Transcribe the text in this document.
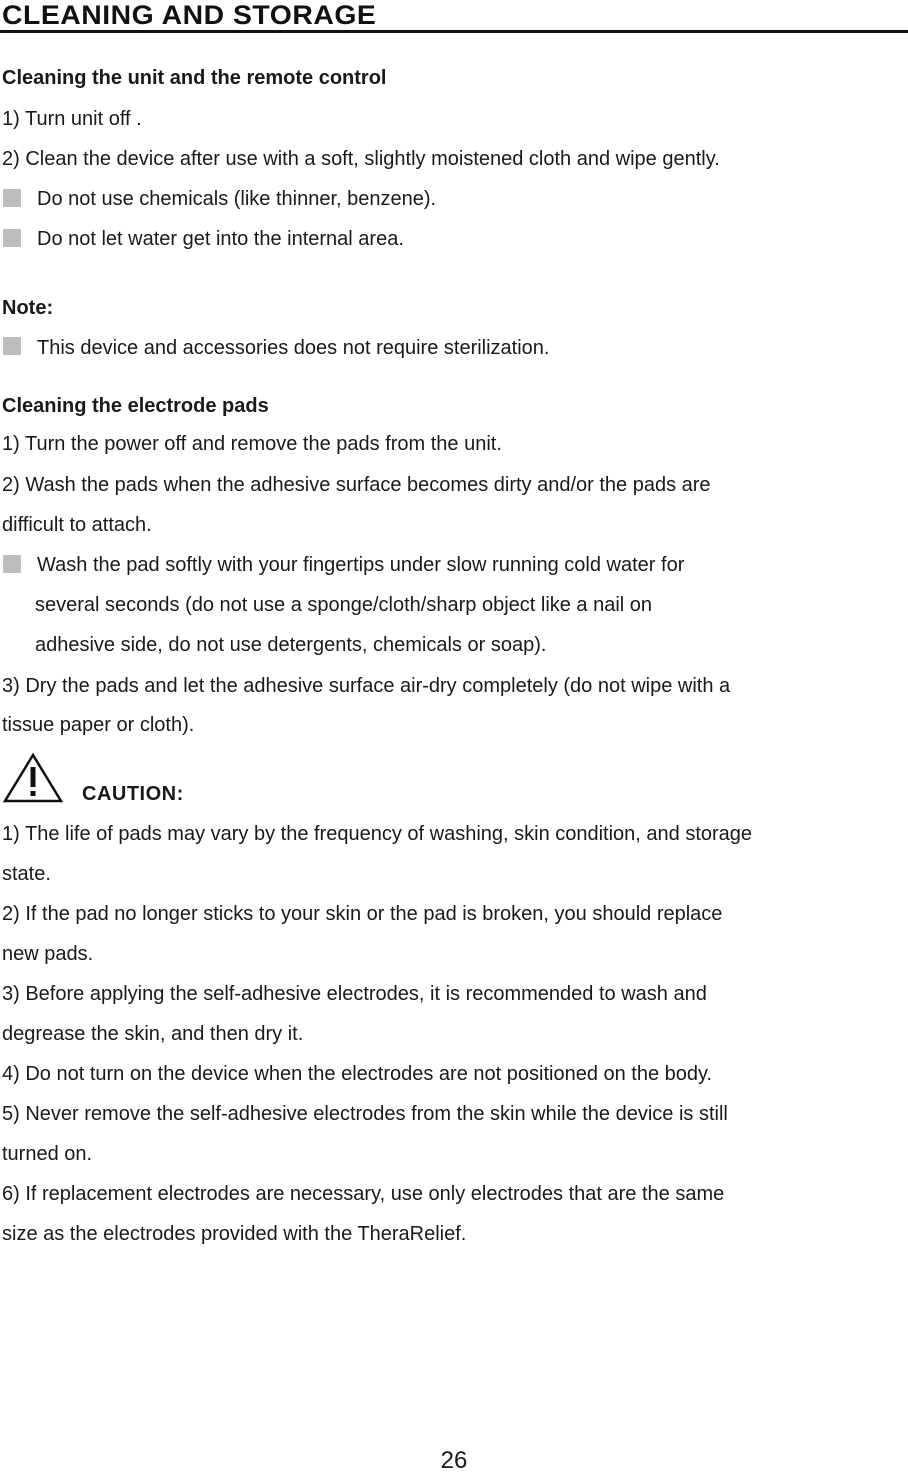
CLEANING AND STORAGE
Cleaning the unit and the remote control
1) Turn unit off .
2) Clean the device after use with a soft, slightly moistened cloth and wipe gently.
Do not use chemicals (like thinner, benzene).
Do not let water get into the internal area.
Note:
This device and accessories does not require sterilization.
Cleaning the electrode pads
1) Turn the power off and remove the pads from the unit.
2) Wash the pads when the adhesive surface becomes dirty and/or the pads are
difficult to attach.
Wash the pad softly with your fingertips under slow running cold water for
several seconds (do not use a sponge/cloth/sharp object like a nail on
adhesive side, do not use detergents, chemicals or soap).
3) Dry the pads and let the adhesive surface air-dry completely (do not wipe with a
tissue paper or cloth).
CAUTION:
1) The life of pads may vary by the frequency of washing, skin condition, and storage
state.
2) If the pad no longer sticks to your skin or the pad is broken, you should replace
new pads.
3) Before applying the self-adhesive electrodes, it is recommended to wash and
degrease the skin, and then dry it.
4) Do not turn on the device when the electrodes are not positioned on the body.
5) Never remove the self-adhesive electrodes from the skin while the device is still
turned on.
6) If replacement electrodes are necessary, use only electrodes that are the same
size as the electrodes provided with the TheraRelief.
26
